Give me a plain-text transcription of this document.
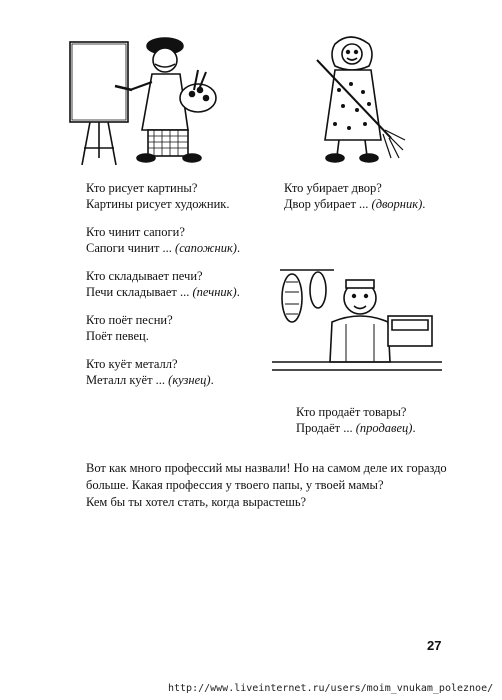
Кто рисует картины?
Картины рисует художник.
Кто убирает двор?
Двор убирает ... (дворник).
Кто чинит сапоги?
Сапоги чинит ... (сапожник).
Кто складывает печи?
Печи складывает ... (печник).
Кто поёт песни?
Поёт певец.
Кто куёт металл?
Металл куёт ... (кузнец).
Кто продаёт товары?
Продаёт ... (продавец).
Вот как много профессий мы назвали! Но на самом деле их гораздо
больше. Какая профессия у твоего папы, у твоей мамы?
Кем бы ты хотел стать, когда вырастешь?
27
http://www.liveinternet.ru/users/moim_vnukam_poleznoe/
